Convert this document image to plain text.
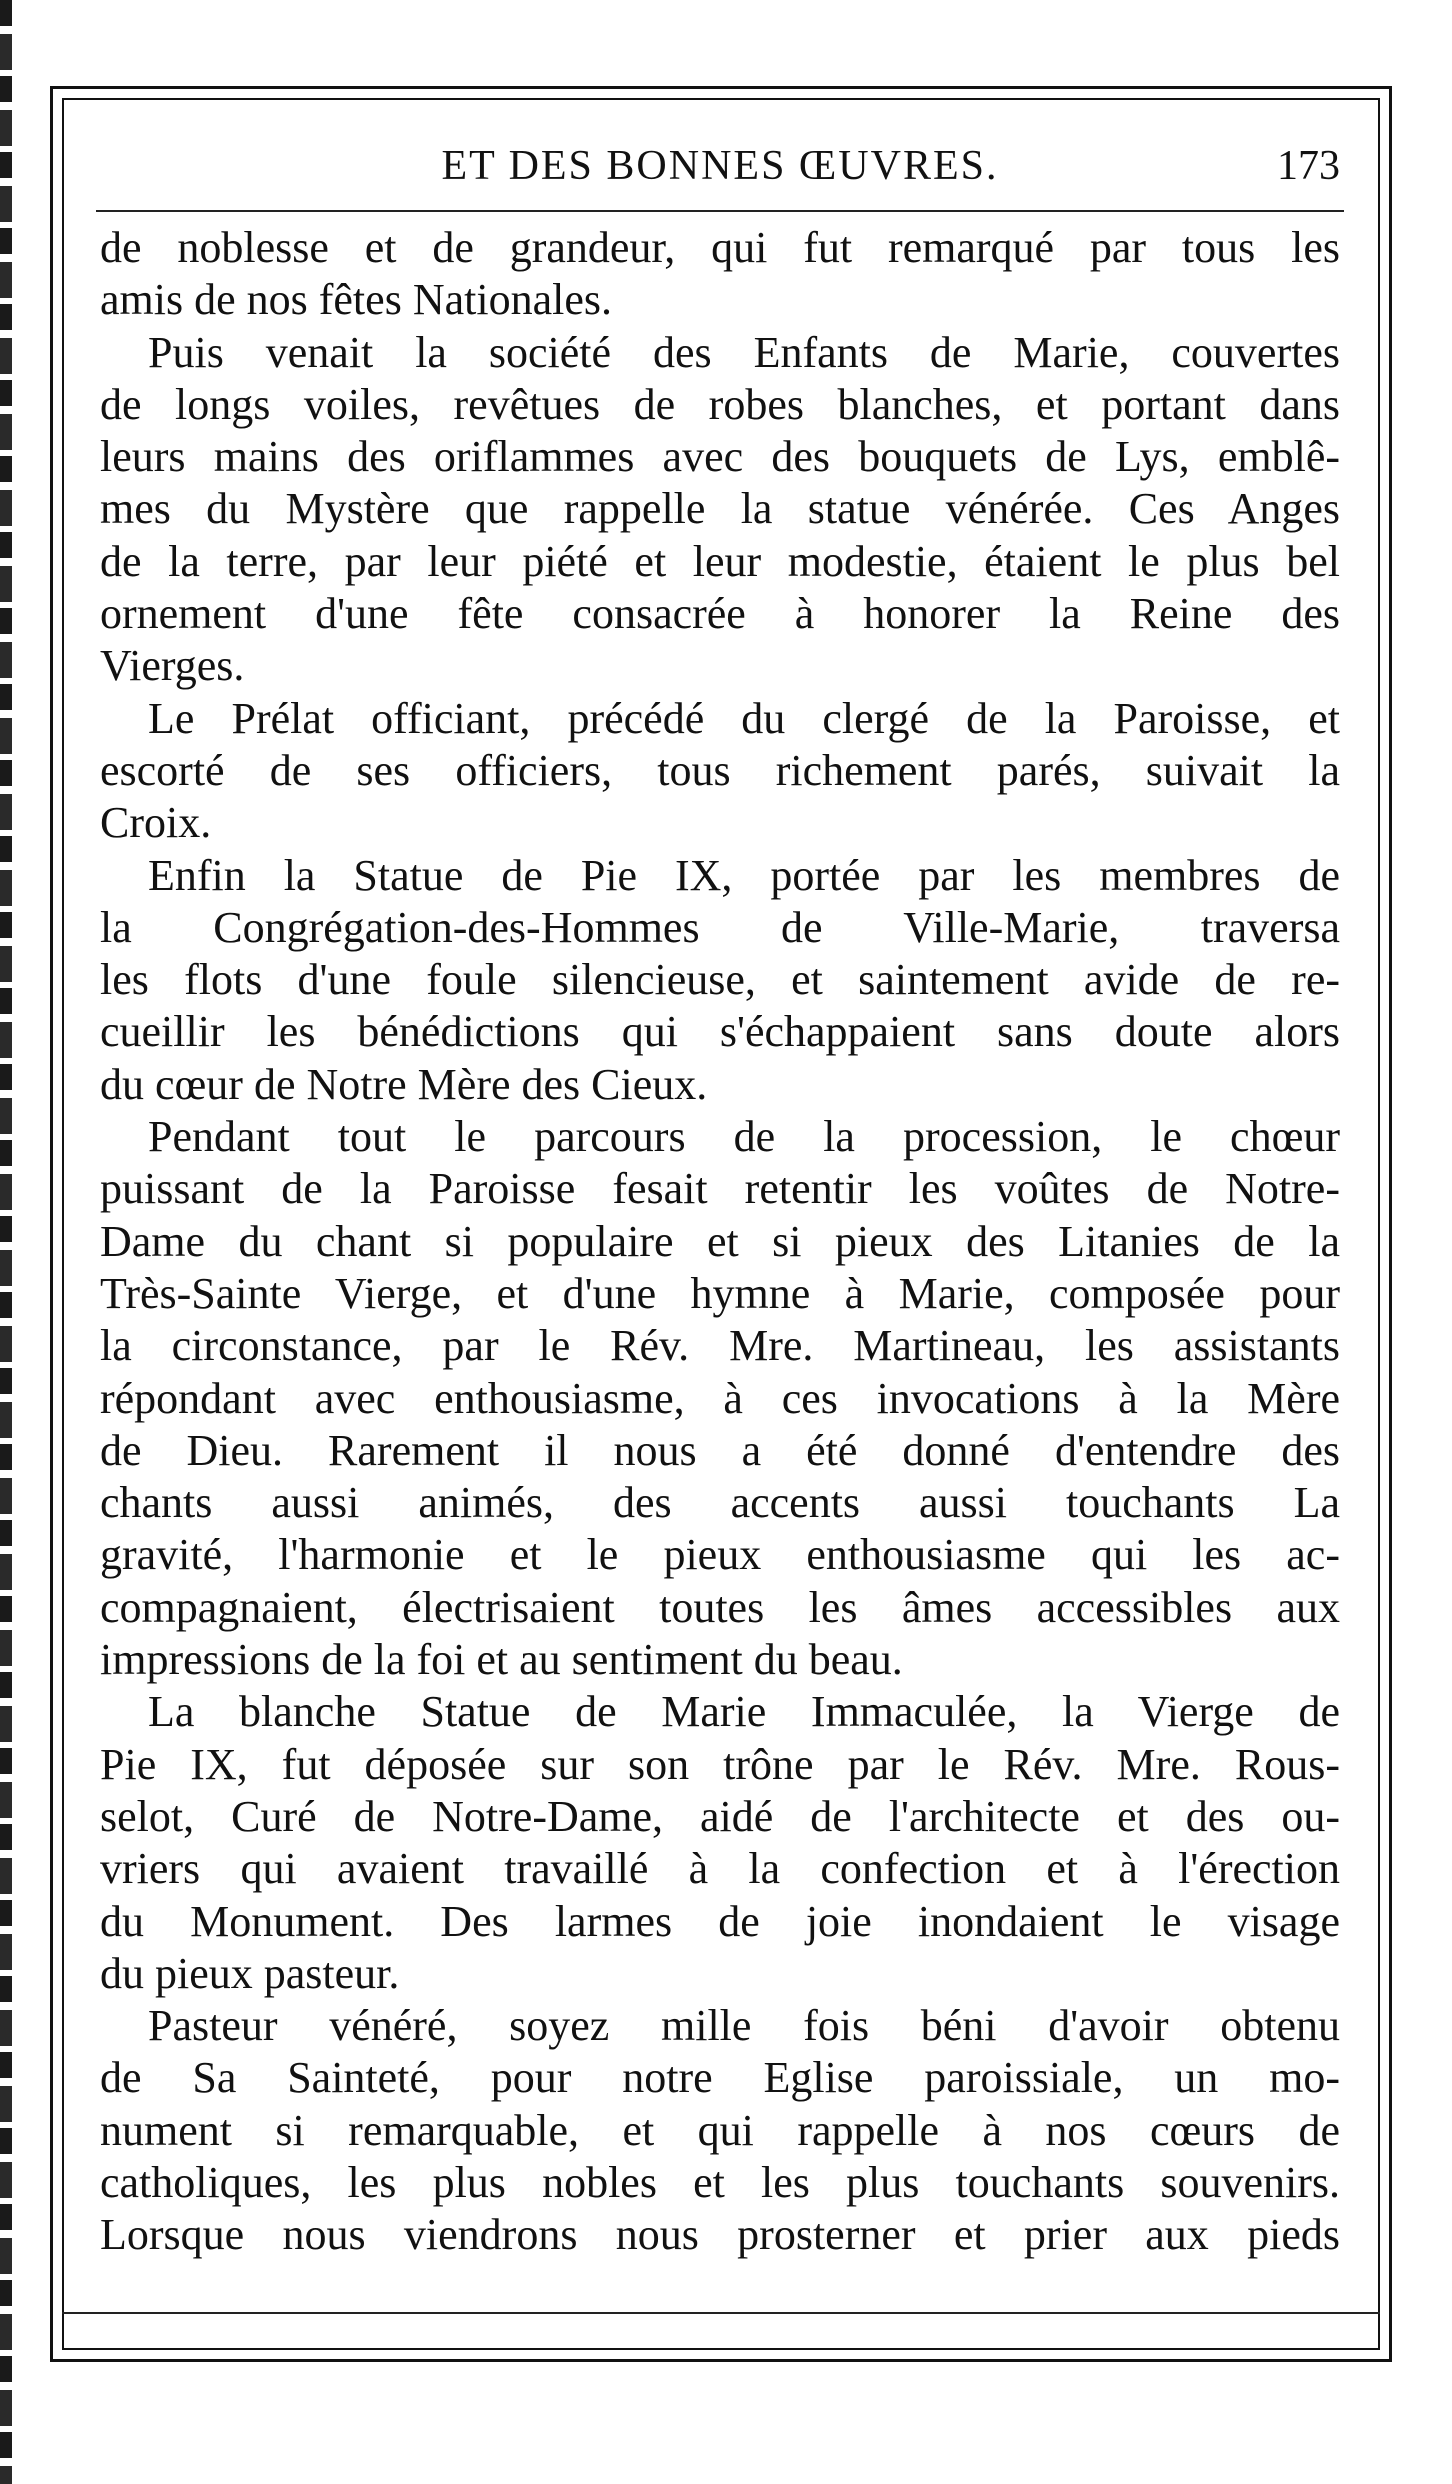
ET DES BONNES ŒUVRES.	173
de noblesse et de grandeur, qui fut remarqué par tous les
amis de nos fêtes Nationales.
Puis venait la société des Enfants de Marie, couvertes
de longs voiles, revêtues de robes blanches, et portant dans
leurs mains des oriflammes avec des bouquets de Lys, emblê-
mes du Mystère que rappelle la statue vénérée. Ces Anges
de la terre, par leur piété et leur modestie, étaient le plus bel
ornement d'une fête consacrée à honorer la Reine des
Vierges.
Le Prélat officiant, précédé du clergé de la Paroisse, et
escorté de ses officiers, tous richement parés, suivait la
Croix.
Enfin la Statue de Pie IX, portée par les membres de
la Congrégation-des-Hommes de Ville-Marie, traversa
les flots d'une foule silencieuse, et saintement avide de re-
cueillir les bénédictions qui s'échappaient sans doute alors
du cœur de Notre Mère des Cieux.
Pendant tout le parcours de la procession, le chœur
puissant de la Paroisse fesait retentir les voûtes de Notre-
Dame du chant si populaire et si pieux des Litanies de la
Très-Sainte Vierge, et d'une hymne à Marie, composée pour
la circonstance, par le Rév. Mre. Martineau, les assistants
répondant avec enthousiasme, à ces invocations à la Mère
de Dieu. Rarement il nous a été donné d'entendre des
chants aussi animés, des accents aussi touchants La
gravité, l'harmonie et le pieux enthousiasme qui les ac-
compagnaient, électrisaient toutes les âmes accessibles aux
impressions de la foi et au sentiment du beau.
La blanche Statue de Marie Immaculée, la Vierge de
Pie IX, fut déposée sur son trône par le Rév. Mre. Rous-
selot, Curé de Notre-Dame, aidé de l'architecte et des ou-
vriers qui avaient travaillé à la confection et à l'érection
du Monument. Des larmes de joie inondaient le visage
du pieux pasteur.
Pasteur vénéré, soyez mille fois béni d'avoir obtenu
de Sa Sainteté, pour notre Eglise paroissiale, un mo-
nument si remarquable, et qui rappelle à nos cœurs de
catholiques, les plus nobles et les plus touchants souvenirs.
Lorsque nous viendrons nous prosterner et prier aux pieds
